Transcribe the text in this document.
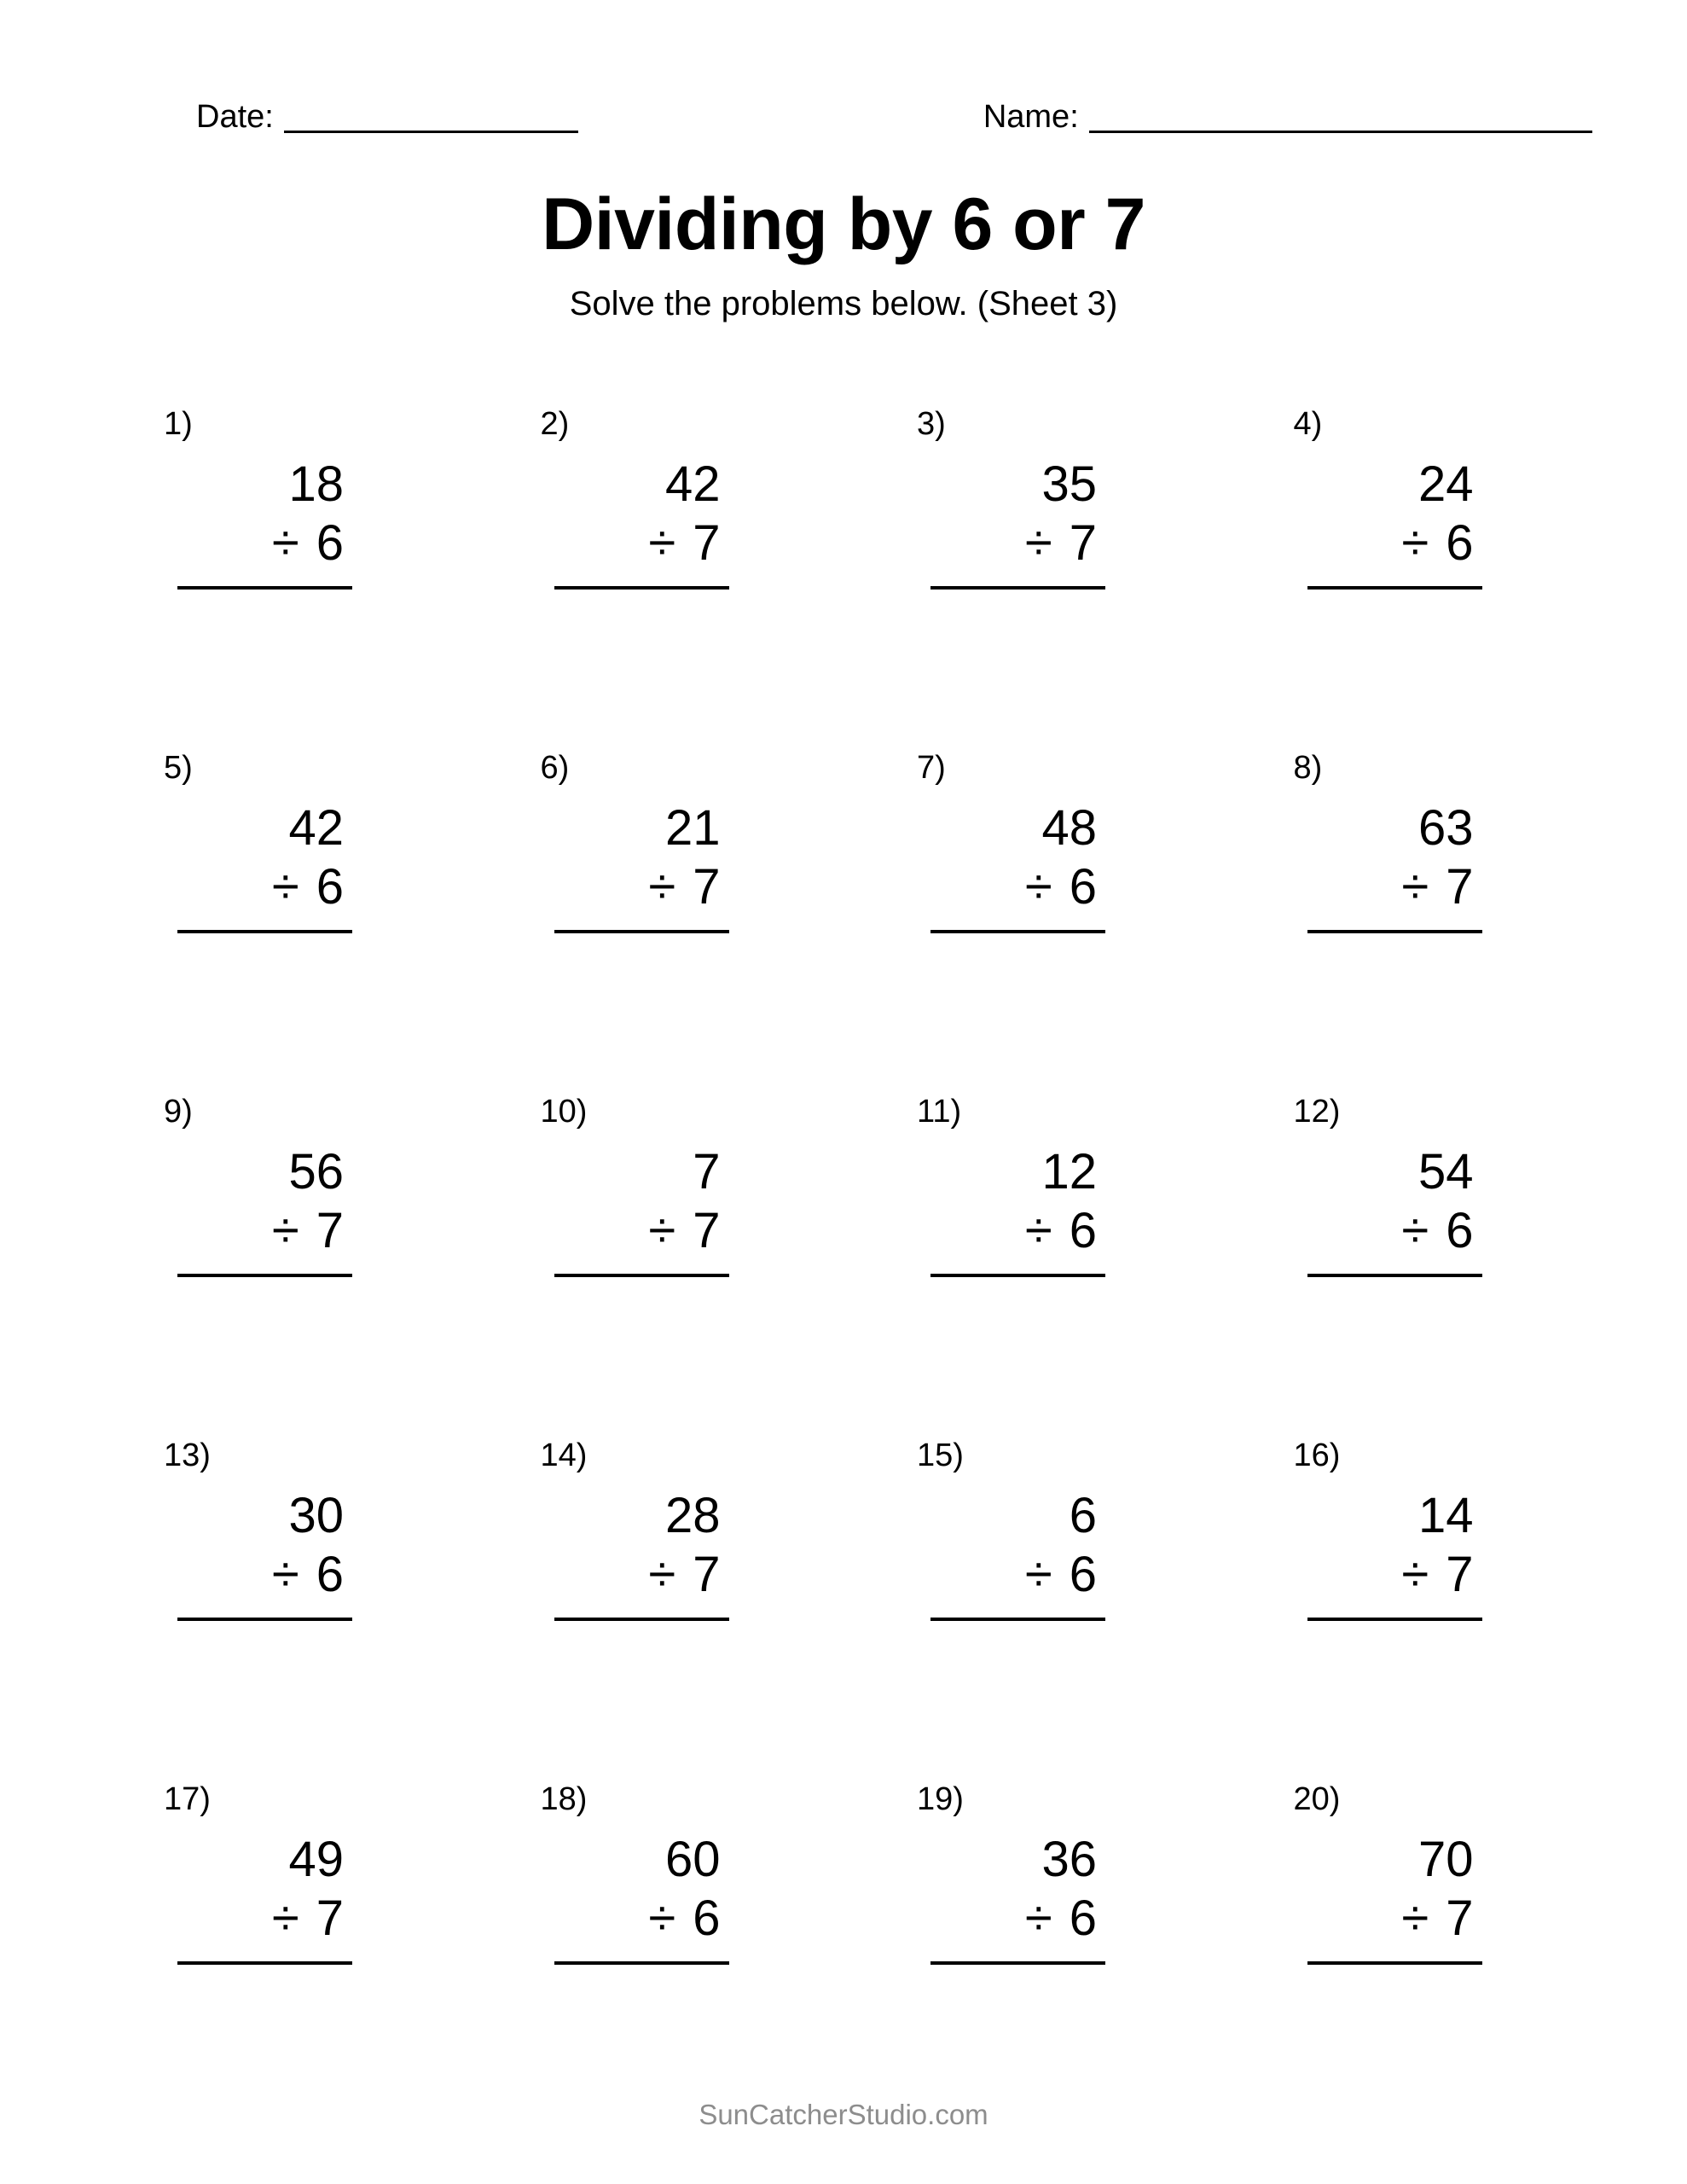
Date:	Name:
Dividing by 6 or 7

Solve the problems below. (Sheet 3)

1)
18
÷ 6
2)
42
÷ 7
3)
35
÷ 7
4)
24
÷ 6
5)
42
÷ 6
6)
21
÷ 7
7)
48
÷ 6
8)
63
÷ 7
9)
56
÷ 7
10)
7
÷ 7
11)
12
÷ 6
12)
54
÷ 6
13)
30
÷ 6
14)
28
÷ 7
15)
6
÷ 6
16)
14
÷ 7
17)
49
÷ 7
18)
60
÷ 6
19)
36
÷ 6
20)
70
÷ 7
SunCatcherStudio.com
